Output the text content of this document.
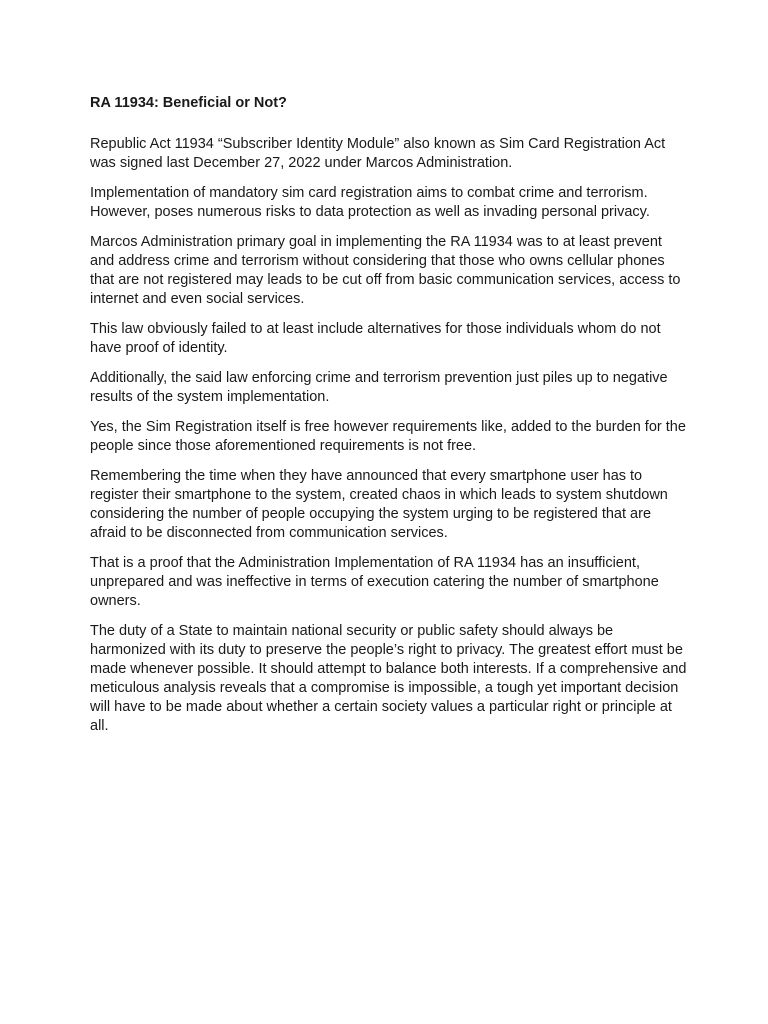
RA 11934: Beneficial or Not?

Republic Act 11934 “Subscriber Identity Module” also known as Sim Card Registration Act was signed last December 27, 2022 under Marcos Administration.

Implementation of mandatory sim card registration aims to combat crime and terrorism. However, poses numerous risks to data protection as well as invading personal privacy.

Marcos Administration primary goal in implementing the RA 11934 was to at least prevent and address crime and terrorism without considering that those who owns cellular phones that are not registered may leads to be cut off from basic communication services, access to internet and even social services.

This law obviously failed to at least include alternatives for those individuals whom do not have proof of identity.

Additionally, the said law enforcing crime and terrorism prevention just piles up to negative results of the system implementation.

Yes, the Sim Registration itself is free however requirements like, added to the burden for the people since those aforementioned requirements is not free.

Remembering the time when they have announced that every smartphone user has to register their smartphone to the system, created chaos in which leads to system shutdown considering the number of people occupying the system urging to be registered that are afraid to be disconnected from communication services.

That is a proof that the Administration Implementation of RA 11934 has an insufficient, unprepared and was ineffective in terms of execution catering the number of smartphone owners.

The duty of a State to maintain national security or public safety should always be harmonized with its duty to preserve the people’s right to privacy. The greatest effort must be made whenever possible. It should attempt to balance both interests. If a comprehensive and meticulous analysis reveals that a compromise is impossible, a tough yet important decision will have to be made about whether a certain society values a particular right or principle at all.
